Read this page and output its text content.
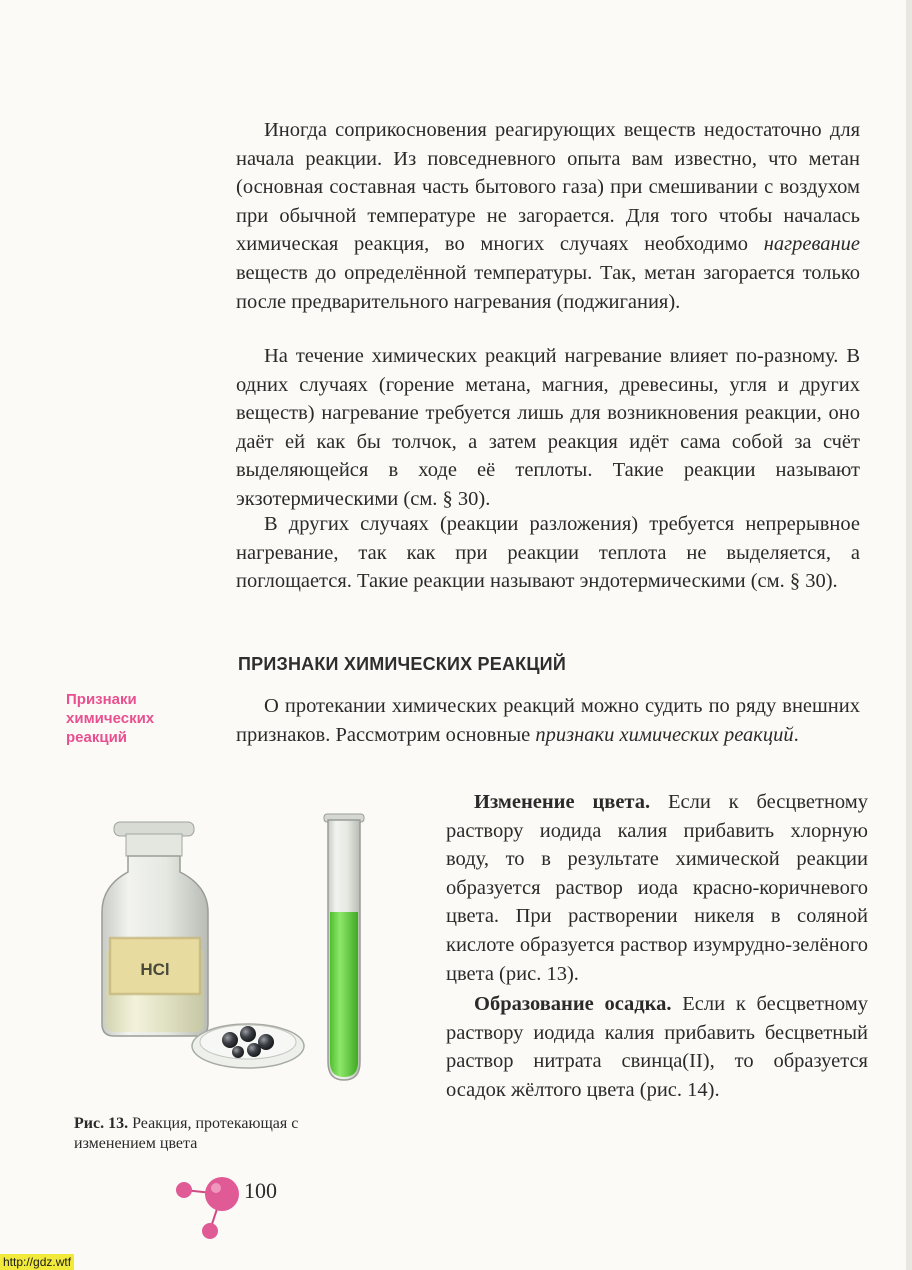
Иногда соприкосновения реагирующих веществ недостаточно для начала реакции. Из повседневного опыта вам известно, что метан (основная составная часть бытового газа) при смешивании с воздухом при обычной температуре не загорается. Для того чтобы началась химическая реакция, во многих случаях необходимо нагревание веществ до определённой температуры. Так, метан загорается только после предварительного нагревания (поджигания).

На течение химических реакций нагревание влияет по-разному. В одних случаях (горение метана, магния, древесины, угля и других веществ) нагревание требуется лишь для возникновения реакции, оно даёт ей как бы толчок, а затем реакция идёт сама собой за счёт выделяющейся в ходе её теплоты. Такие реакции называют экзотермическими (см. § 30).

В других случаях (реакции разложения) требуется непрерывное нагревание, так как при реакции теплота не выделяется, а поглощается. Такие реакции называют эндотермическими (см. § 30).

ПРИЗНАКИ ХИМИЧЕСКИХ РЕАКЦИЙ
Признаки
химических
реакций

О протекании химических реакций можно судить по ряду внешних признаков. Рассмотрим основные признаки химических реакций.

Изменение цвета. Если к бесцветному раствору иодида калия прибавить хлорную воду, то в результате химической реакции образуется раствор иода красно-коричневого цвета. При растворении никеля в соляной кислоте образуется раствор изумрудно-зелёного цвета (рис. 13).

Образование осадка. Если к бесцветному раствору иодида калия прибавить бесцветный раствор нитрата свинца(II), то образуется осадок жёлтого цвета (рис. 14).

HCl
Рис. 13. Реакция, протекающая с изменением цвета
100
http://gdz.wtf
